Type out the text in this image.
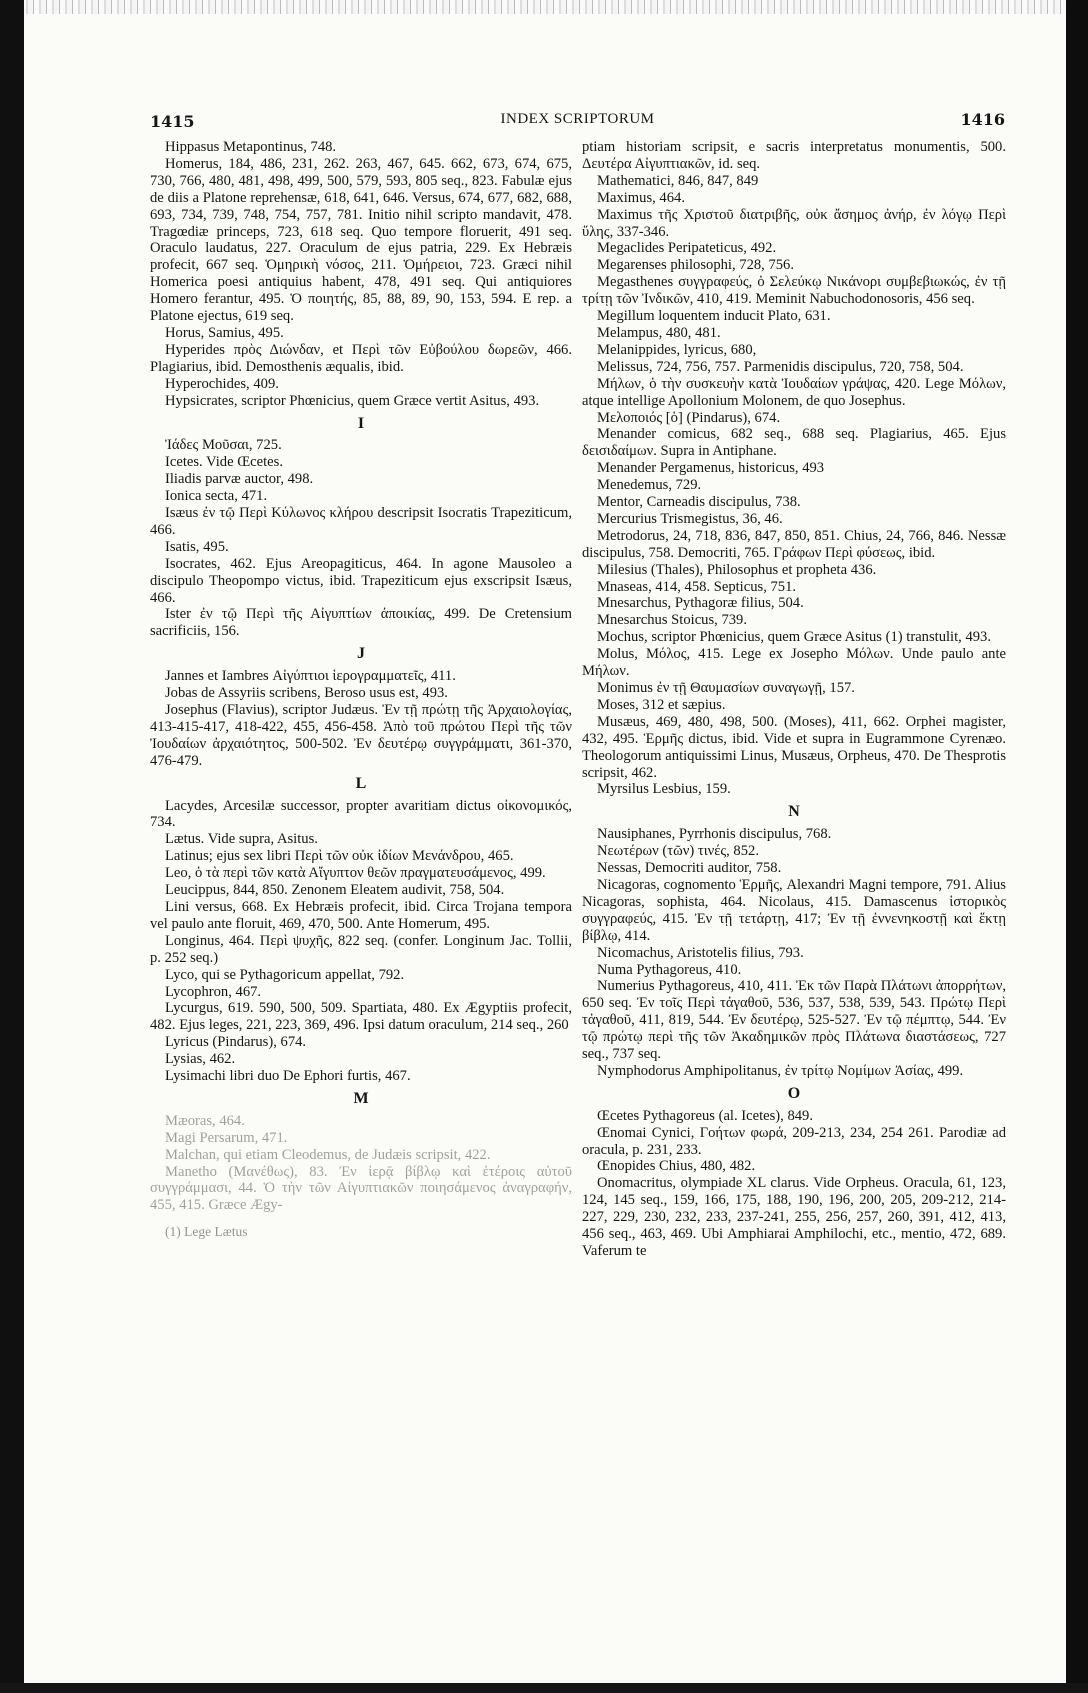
1415	INDEX SCRIPTORUM	1416

Hippasus Metapontinus, 748.

Homerus, 184, 486, 231, 262. 263, 467, 645. 662, 673, 674, 675, 730, 766, 480, 481, 498, 499, 500, 579, 593, 805 seq., 823. Fabulæ ejus de diis a Platone reprehensæ, 618, 641, 646. Versus, 674, 677, 682, 688, 693, 734, 739, 748, 754, 757, 781. Initio nihil scripto mandavit, 478. Tragœdiæ princeps, 723, 618 seq. Quo tempore floruerit, 491 seq. Oraculo laudatus, 227. Oraculum de ejus patria, 229. Ex Hebræis profecit, 667 seq. Ὁμηρικὴ νόσος, 211. Ὁμήρειοι, 723. Græci nihil Homerica poesi antiquius habent, 478, 491 seq. Qui antiquiores Homero ferantur, 495. Ὁ ποιητής, 85, 88, 89, 90, 153, 594. E rep. a Platone ejectus, 619 seq.

Horus, Samius, 495.

Hyperides πρὸς Διώνδαν, et Περὶ τῶν Εὐβούλου δωρεῶν, 466. Plagiarius, ibid. Demosthenis æqualis, ibid.

Hyperochides, 409.

Hypsicrates, scriptor Phœnicius, quem Græce vertit Asitus, 493.

I

Ἰάδες Μοῦσαι, 725.

Icetes. Vide Œcetes.

Iliadis parvæ auctor, 498.

Ionica secta, 471.

Isæus ἐν τῷ Περὶ Κύλωνος κλήρου descripsit Isocratis Trapeziticum, 466.

Isatis, 495.

Isocrates, 462. Ejus Areopagiticus, 464. In agone Mausoleo a discipulo Theopompo victus, ibid. Trapeziticum ejus exscripsit Isæus, 466.

Ister ἐν τῷ Περὶ τῆς Αἰγυπτίων ἀποικίας, 499. De Cretensium sacrificiis, 156.

J

Jannes et Iambres Αἰγύπτιοι ἱερογραμματεῖς, 411.

Jobas de Assyriis scribens, Beroso usus est, 493.

Josephus (Flavius), scriptor Judæus. Ἐν τῇ πρώτῃ τῆς Ἀρχαιολογίας, 413-415-417, 418-422, 455, 456-458. Ἀπὸ τοῦ πρώτου Περὶ τῆς τῶν Ἰουδαίων ἀρχαιότητος, 500-502. Ἐν δευτέρῳ συγγράμματι, 361-370, 476-479.

L

Lacydes, Arcesilæ successor, propter avaritiam dictus οἰκονομικός, 734.

Lætus. Vide supra, Asitus.

Latinus; ejus sex libri Περὶ τῶν οὐκ ἰδίων Μενάνδρου, 465.

Leo, ὁ τὰ περὶ τῶν κατὰ Αἴγυπτον θεῶν πραγματευσάμενος, 499.

Leucippus, 844, 850. Zenonem Eleatem audivit, 758, 504.

Lini versus, 668. Ex Hebræis profecit, ibid. Circa Trojana tempora vel paulo ante floruit, 469, 470, 500. Ante Homerum, 495.

Longinus, 464. Περὶ ψυχῆς, 822 seq. (confer. Longinum Jac. Tollii, p. 252 seq.)

Lyco, qui se Pythagoricum appellat, 792.

Lycophron, 467.

Lycurgus, 619. 590, 500, 509. Spartiata, 480. Ex Ægyptiis profecit, 482. Ejus leges, 221, 223, 369, 496. Ipsi datum oraculum, 214 seq., 260

Lyricus (Pindarus), 674.

Lysias, 462.

Lysimachi libri duo De Ephori furtis, 467.

M

Mæoras, 464.

Magi Persarum, 471.

Malchan, qui etiam Cleodemus, de Judæis scripsit, 422.

Manetho (Μανέθως), 83. Ἐν ἱερᾷ βίβλῳ καὶ ἑτέροις αὐτοῦ συγγράμμασι, 44. Ὁ τὴν τῶν Αἰγυπτιακῶν ποιησάμενος ἀναγραφήν, 455, 415. Græce Ægy-

(1) Lege Lætus

ptiam historiam scripsit, e sacris interpretatus monumentis, 500. Δευτέρα Αἰγυπτιακῶν, id. seq.

Mathematici, 846, 847, 849

Maximus, 464.

Maximus τῆς Χριστοῦ διατριβῆς, οὐκ ἄσημος ἀνήρ, ἐν λόγῳ Περὶ ὕλης, 337-346.

Megaclides Peripateticus, 492.

Megarenses philosophi, 728, 756.

Megasthenes συγγραφεύς, ὁ Σελεύκῳ Νικάνορι συμβεβιωκώς, ἐν τῇ τρίτῃ τῶν Ἰνδικῶν, 410, 419. Meminit Nabuchodonosoris, 456 seq.

Megillum loquentem inducit Plato, 631.

Melampus, 480, 481.

Melanippides, lyricus, 680,

Melissus, 724, 756, 757. Parmenidis discipulus, 720, 758, 504.

Μήλων, ὁ τὴν συσκευὴν κατὰ Ἰουδαίων γράψας, 420. Lege Μόλων, atque intellige Apollonium Molonem, de quo Josephus.

Μελοποιός [ὁ] (Pindarus), 674.

Menander comicus, 682 seq., 688 seq. Plagiarius, 465. Ejus δεισιδαίμων. Supra in Antiphane.

Menander Pergamenus, historicus, 493

Menedemus, 729.

Mentor, Carneadis discipulus, 738.

Mercurius Trismegistus, 36, 46.

Metrodorus, 24, 718, 836, 847, 850, 851. Chius, 24, 766, 846. Nessæ discipulus, 758. Democriti, 765. Γράφων Περὶ φύσεως, ibid.

Milesius (Thales), Philosophus et propheta 436.

Mnaseas, 414, 458. Septicus, 751.

Mnesarchus, Pythagoræ filius, 504.

Mnesarchus Stoicus, 739.

Mochus, scriptor Phœnicius, quem Græce Asitus (1) transtulit, 493.

Molus, Μόλος, 415. Lege ex Josepho Μόλων. Unde paulo ante Μήλων.

Monimus ἐν τῇ Θαυμασίων συναγωγῇ, 157.

Moses, 312 et sæpius.

Musæus, 469, 480, 498, 500. (Moses), 411, 662. Orphei magister, 432, 495. Ἑρμῆς dictus, ibid. Vide et supra in Eugrammone Cyrenæo. Theologorum antiquissimi Linus, Musæus, Orpheus, 470. De Thesprotis scripsit, 462.

Myrsilus Lesbius, 159.

N

Nausiphanes, Pyrrhonis discipulus, 768.

Νεωτέρων (τῶν) τινές, 852.

Nessas, Democriti auditor, 758.

Nicagoras, cognomento Ἑρμῆς, Alexandri Magni tempore, 791. Alius Nicagoras, sophista, 464. Nicolaus, 415. Damascenus ἱστορικὸς συγγραφεύς, 415. Ἐν τῇ τετάρτῃ, 417; Ἐν τῇ ἐννενηκοστῇ καὶ ἕκτῃ βίβλῳ, 414.

Nicomachus, Aristotelis filius, 793.

Numa Pythagoreus, 410.

Numerius Pythagoreus, 410, 411. Ἐκ τῶν Παρὰ Πλάτωνι ἀπορρήτων, 650 seq. Ἐν τοῖς Περὶ τἀγαθοῦ, 536, 537, 538, 539, 543. Πρώτῳ Περὶ τἀγαθοῦ, 411, 819, 544. Ἐν δευτέρῳ, 525-527. Ἐν τῷ πέμπτῳ, 544. Ἐν τῷ πρώτῳ περὶ τῆς τῶν Ἀκαδημικῶν πρὸς Πλάτωνα διαστάσεως, 727 seq., 737 seq.

Nymphodorus Amphipolitanus, ἐν τρίτῳ Νομίμων Ἀσίας, 499.

O

Œcetes Pythagoreus (al. Icetes), 849.

Œnomai Cynici, Γοήτων φωρά, 209-213, 234, 254 261. Parodiæ ad oracula, p. 231, 233.

Œnopides Chius, 480, 482.

Onomacritus, olympiade XL clarus. Vide Orpheus. Oracula, 61, 123, 124, 145 seq., 159, 166, 175, 188, 190, 196, 200, 205, 209-212, 214-227, 229, 230, 232, 233, 237-241, 255, 256, 257, 260, 391, 412, 413, 456 seq., 463, 469. Ubi Amphiarai Amphilochi, etc., mentio, 472, 689. Vaferum te
